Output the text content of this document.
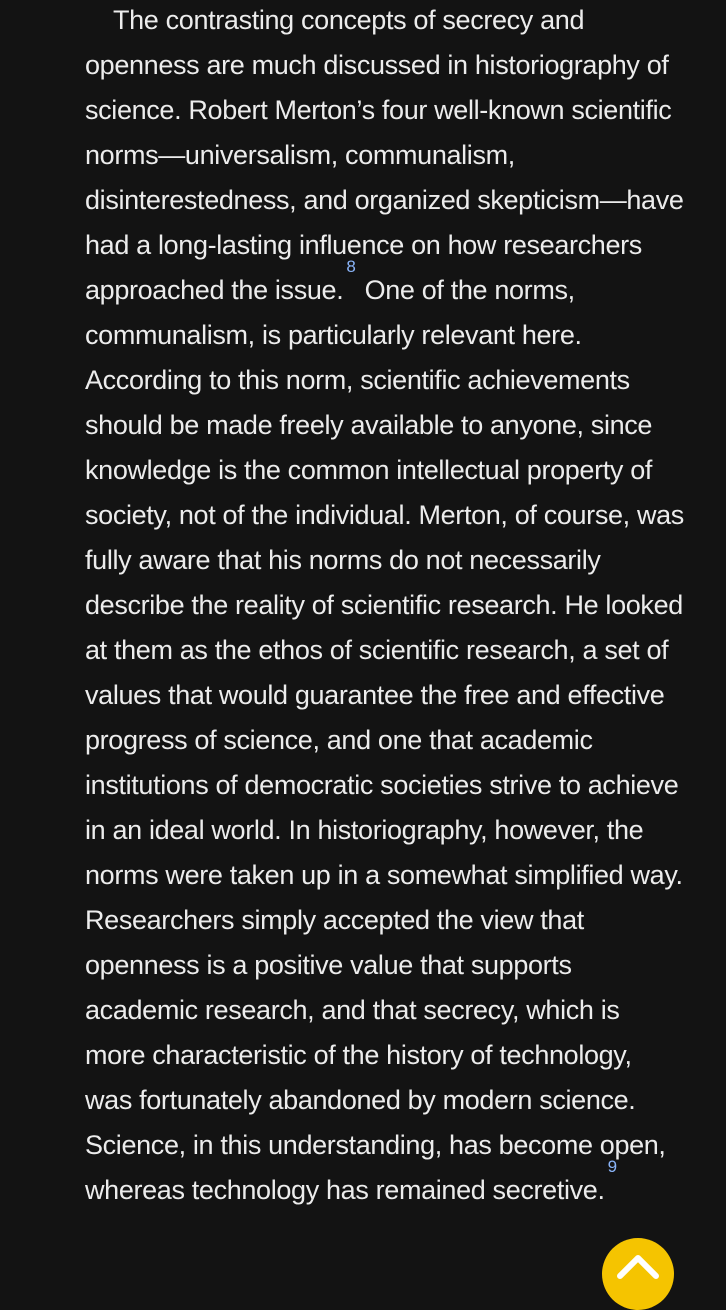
The contrasting concepts of secrecy and openness are much discussed in historiography of science. Robert Merton’s four well-known scientific norms—universalism, communalism, disinterestedness, and organized skepticism—have had a long-lasting influence on how researchers approached the issue.$^8$ One of the norms, communalism, is particularly relevant here. According to this norm, scientific achievements should be made freely available to anyone, since knowledge is the common intellectual property of society, not of the individual. Merton, of course, was fully aware that his norms do not necessarily describe the reality of scientific research. He looked at them as the ethos of scientific research, a set of values that would guarantee the free and effective progress of science, and one that academic institutions of democratic societies strive to achieve in an ideal world. In historiography, however, the norms were taken up in a somewhat simplified way. Researchers simply accepted the view that openness is a positive value that supports academic research, and that secrecy, which is more characteristic of the history of technology, was fortunately abandoned by modern science. Science, in this understanding, has become open, whereas technology has remained secretive.$^9$
